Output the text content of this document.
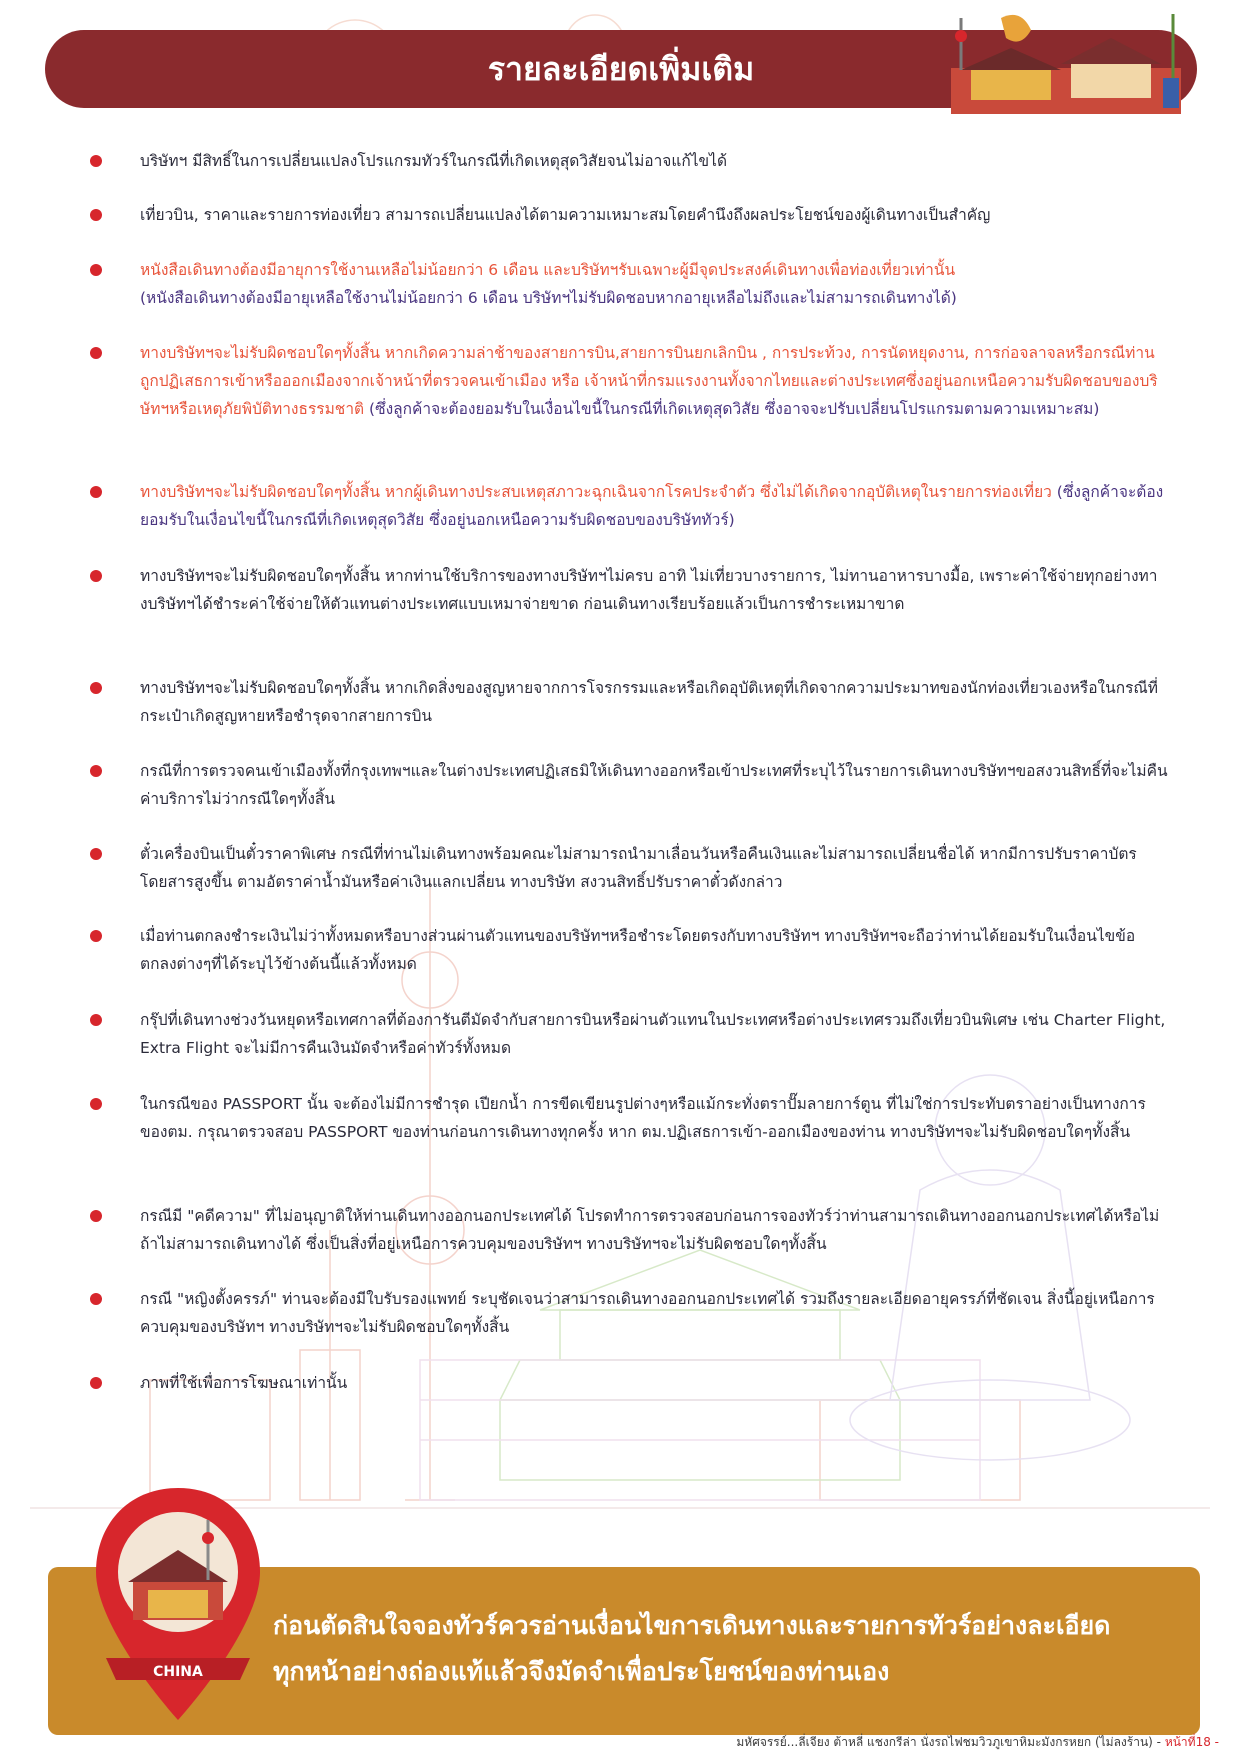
รายละเอียดเพิ่มเติม
บริษัทฯ มีสิทธิ์ในการเปลี่ยนแปลงโปรแกรมทัวร์ในกรณีที่เกิดเหตุสุดวิสัยจนไม่อาจแก้ไขได้
เที่ยวบิน, ราคาและรายการท่องเที่ยว สามารถเปลี่ยนแปลงได้ตามความเหมาะสมโดยคำนึงถึงผลประโยชน์ของผู้เดินทางเป็นสำคัญ
หนังสือเดินทางต้องมีอายุการใช้งานเหลือไม่น้อยกว่า 6 เดือน และบริษัทฯรับเฉพาะผู้มีจุดประสงค์เดินทางเพื่อท่องเที่ยวเท่านั้น
(หนังสือเดินทางต้องมีอายุเหลือใช้งานไม่น้อยกว่า 6 เดือน บริษัทฯไม่รับผิดชอบหากอายุเหลือไม่ถึงและไม่สามารถเดินทางได้)
ทางบริษัทฯจะไม่รับผิดชอบใดๆทั้งสิ้น หากเกิดความล่าช้าของสายการบิน,สายการบินยกเลิกบิน , การประท้วง, การนัดหยุดงาน, การก่อจลาจลหรือกรณีท่านถูกปฏิเสธการเข้าหรือออกเมืองจากเจ้าหน้าที่ตรวจคนเข้าเมือง หรือ เจ้าหน้าที่กรมแรงงานทั้งจากไทยและต่างประเทศซึ่งอยู่นอกเหนือความรับผิดชอบของบริษัทฯหรือเหตุภัยพิบัติทางธรรมชาติ (ซึ่งลูกค้าจะต้องยอมรับในเงื่อนไขนี้ในกรณีที่เกิดเหตุสุดวิสัย ซึ่งอาจจะปรับเปลี่ยนโปรแกรมตามความเหมาะสม)
ทางบริษัทฯจะไม่รับผิดชอบใดๆทั้งสิ้น หากผู้เดินทางประสบเหตุสภาวะฉุกเฉินจากโรคประจำตัว ซึ่งไม่ได้เกิดจากอุบัติเหตุในรายการท่องเที่ยว (ซึ่งลูกค้าจะต้องยอมรับในเงื่อนไขนี้ในกรณีที่เกิดเหตุสุดวิสัย ซึ่งอยู่นอกเหนือความรับผิดชอบของบริษัททัวร์)
ทางบริษัทฯจะไม่รับผิดชอบใดๆทั้งสิ้น หากท่านใช้บริการของทางบริษัทฯไม่ครบ อาทิ ไม่เที่ยวบางรายการ, ไม่ทานอาหารบางมื้อ, เพราะค่าใช้จ่ายทุกอย่างทางบริษัทฯได้ชำระค่าใช้จ่ายให้ตัวแทนต่างประเทศแบบเหมาจ่ายขาด ก่อนเดินทางเรียบร้อยแล้วเป็นการชำระเหมาขาด
ทางบริษัทฯจะไม่รับผิดชอบใดๆทั้งสิ้น หากเกิดสิ่งของสูญหายจากการโจรกรรมและหรือเกิดอุบัติเหตุที่เกิดจากความประมาทของนักท่องเที่ยวเองหรือในกรณีที่กระเป๋าเกิดสูญหายหรือชำรุดจากสายการบิน
กรณีที่การตรวจคนเข้าเมืองทั้งที่กรุงเทพฯและในต่างประเทศปฏิเสธมิให้เดินทางออกหรือเข้าประเทศที่ระบุไว้ในรายการเดินทางบริษัทฯขอสงวนสิทธิ์ที่จะไม่คืนค่าบริการไม่ว่ากรณีใดๆทั้งสิ้น
ตั๋วเครื่องบินเป็นตั๋วราคาพิเศษ กรณีที่ท่านไม่เดินทางพร้อมคณะไม่สามารถนำมาเลื่อนวันหรือคืนเงินและไม่สามารถเปลี่ยนชื่อได้ หากมีการปรับราคาบัตรโดยสารสูงขึ้น ตามอัตราค่าน้ำมันหรือค่าเงินแลกเปลี่ยน ทางบริษัท สงวนสิทธิ์ปรับราคาตั๋วดังกล่าว
เมื่อท่านตกลงชำระเงินไม่ว่าทั้งหมดหรือบางส่วนผ่านตัวแทนของบริษัทฯหรือชำระโดยตรงกับทางบริษัทฯ ทางบริษัทฯจะถือว่าท่านได้ยอมรับในเงื่อนไขข้อตกลงต่างๆที่ได้ระบุไว้ข้างต้นนี้แล้วทั้งหมด
กรุ๊ปที่เดินทางช่วงวันหยุดหรือเทศกาลที่ต้องการันตีมัดจำกับสายการบินหรือผ่านตัวแทนในประเทศหรือต่างประเทศรวมถึงเที่ยวบินพิเศษ เช่น Charter Flight, Extra Flight จะไม่มีการคืนเงินมัดจำหรือค่าทัวร์ทั้งหมด
ในกรณีของ PASSPORT นั้น จะต้องไม่มีการชำรุด เปียกน้ำ การขีดเขียนรูปต่างๆหรือแม้กระทั่งตราปั๊มลายการ์ตูน ที่ไม่ใช่การประทับตราอย่างเป็นทางการของตม. กรุณาตรวจสอบ PASSPORT ของท่านก่อนการเดินทางทุกครั้ง หาก ตม.ปฏิเสธการเข้า-ออกเมืองของท่าน ทางบริษัทฯจะไม่รับผิดชอบใดๆทั้งสิ้น
กรณีมี "คดีความ" ที่ไม่อนุญาติให้ท่านเดินทางออกนอกประเทศได้ โปรดทำการตรวจสอบก่อนการจองทัวร์ว่าท่านสามารถเดินทางออกนอกประเทศได้หรือไม่ ถ้าไม่สามารถเดินทางได้ ซึ่งเป็นสิ่งที่อยู่เหนือการควบคุมของบริษัทฯ ทางบริษัทฯจะไม่รับผิดชอบใดๆทั้งสิ้น
กรณี "หญิงตั้งครรภ์" ท่านจะต้องมีใบรับรองแพทย์ ระบุชัดเจนว่าสามารถเดินทางออกนอกประเทศได้ รวมถึงรายละเอียดอายุครรภ์ที่ชัดเจน สิ่งนี้อยู่เหนือการควบคุมของบริษัทฯ ทางบริษัทฯจะไม่รับผิดชอบใดๆทั้งสิ้น
ภาพที่ใช้เพื่อการโฆษณาเท่านั้น
ก่อนตัดสินใจจองทัวร์ควรอ่านเงื่อนไขการเดินทางและรายการทัวร์อย่างละเอียด
ทุกหน้าอย่างถ่องแท้แล้วจึงมัดจำเพื่อประโยชน์ของท่านเอง
CHINA
มหัศจรรย์...ลี่เจียง ต้าหลี่ แชงกรีล่า นั่งรถไฟชมวิวภูเขาหิมะมังกรหยก (ไม่ลงร้าน) - หน้าที่18 -
